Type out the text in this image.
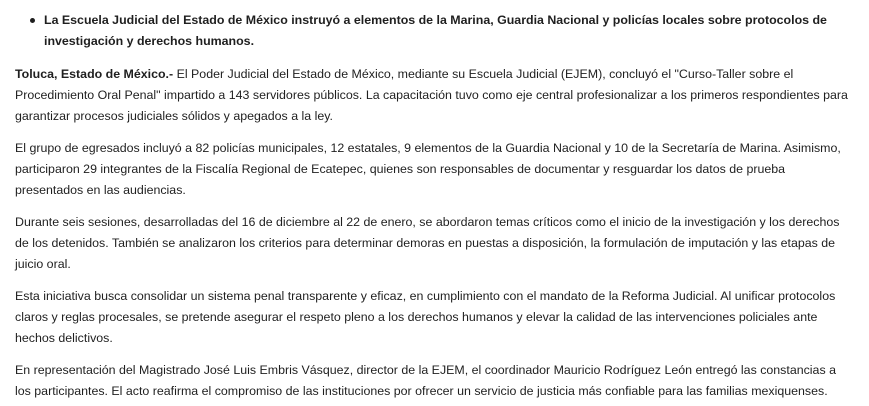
La Escuela Judicial del Estado de México instruyó a elementos de la Marina, Guardia Nacional y policías locales sobre protocolos de investigación y derechos humanos.

Toluca, Estado de México.- El Poder Judicial del Estado de México, mediante su Escuela Judicial (EJEM), concluyó el "Curso-Taller sobre el Procedimiento Oral Penal" impartido a 143 servidores públicos. La capacitación tuvo como eje central profesionalizar a los primeros respondientes para garantizar procesos judiciales sólidos y apegados a la ley.

El grupo de egresados incluyó a 82 policías municipales, 12 estatales, 9 elementos de la Guardia Nacional y 10 de la Secretaría de Marina. Asimismo, participaron 29 integrantes de la Fiscalía Regional de Ecatepec, quienes son responsables de documentar y resguardar los datos de prueba presentados en las audiencias.

Durante seis sesiones, desarrolladas del 16 de diciembre al 22 de enero, se abordaron temas críticos como el inicio de la investigación y los derechos de los detenidos. También se analizaron los criterios para determinar demoras en puestas a disposición, la formulación de imputación y las etapas de juicio oral.

Esta iniciativa busca consolidar un sistema penal transparente y eficaz, en cumplimiento con el mandato de la Reforma Judicial. Al unificar protocolos claros y reglas procesales, se pretende asegurar el respeto pleno a los derechos humanos y elevar la calidad de las intervenciones policiales ante hechos delictivos.

En representación del Magistrado José Luis Embris Vásquez, director de la EJEM, el coordinador Mauricio Rodríguez León entregó las constancias a los participantes. El acto reafirma el compromiso de las instituciones por ofrecer un servicio de justicia más confiable para las familias mexiquenses.
